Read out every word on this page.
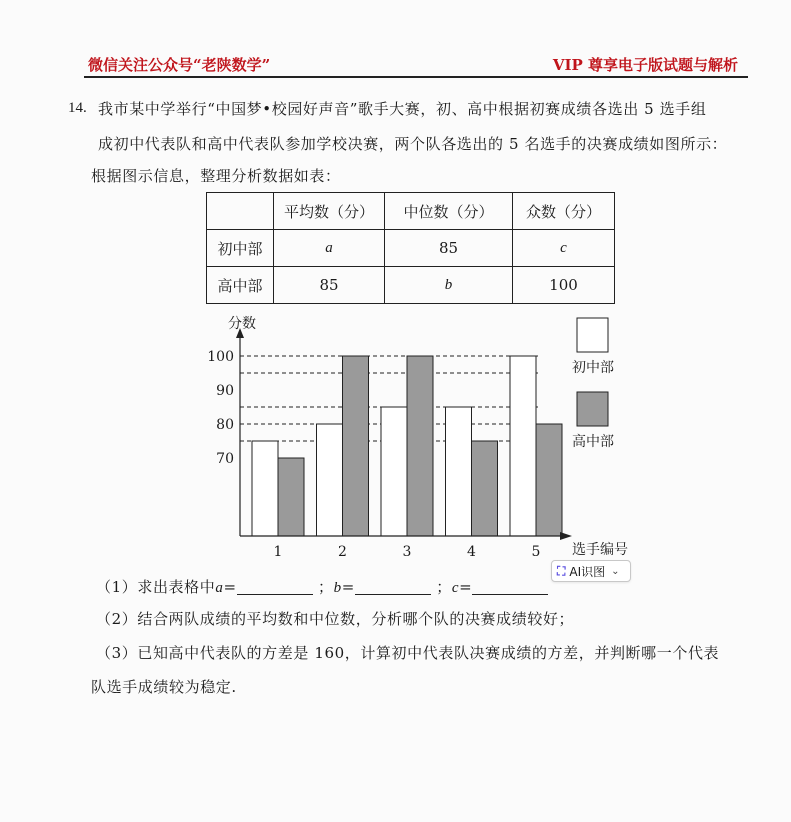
微信关注公众号“老陕数学”	VIP 尊享电子版试题与解析
14. 我市某中学举行“中国梦•校园好声音”歌手大赛，初、高中根据初赛成绩各选出 5 选手组
成初中代表队和高中代表队参加学校决赛，两个队各选出的 5 名选手的决赛成绩如图所示：
根据图示信息，整理分析数据如表：
	平均数（分）	中位数（分）	众数（分）
初中部	a	85	c
高中部	85	b	100
1	2	3	4	5
70
80
90
100
分数
选手编号
初中部
高中部
（1）求出表格中a=	；b=	；c=
（2）结合两队成绩的平均数和中位数，分析哪个队的决赛成绩较好；
（3）已知高中代表队的方差是 160，计算初中代表队决赛成绩的方差，并判断哪一个代表
队选手成绩较为稳定.
⛶ AI识图 ⌄
